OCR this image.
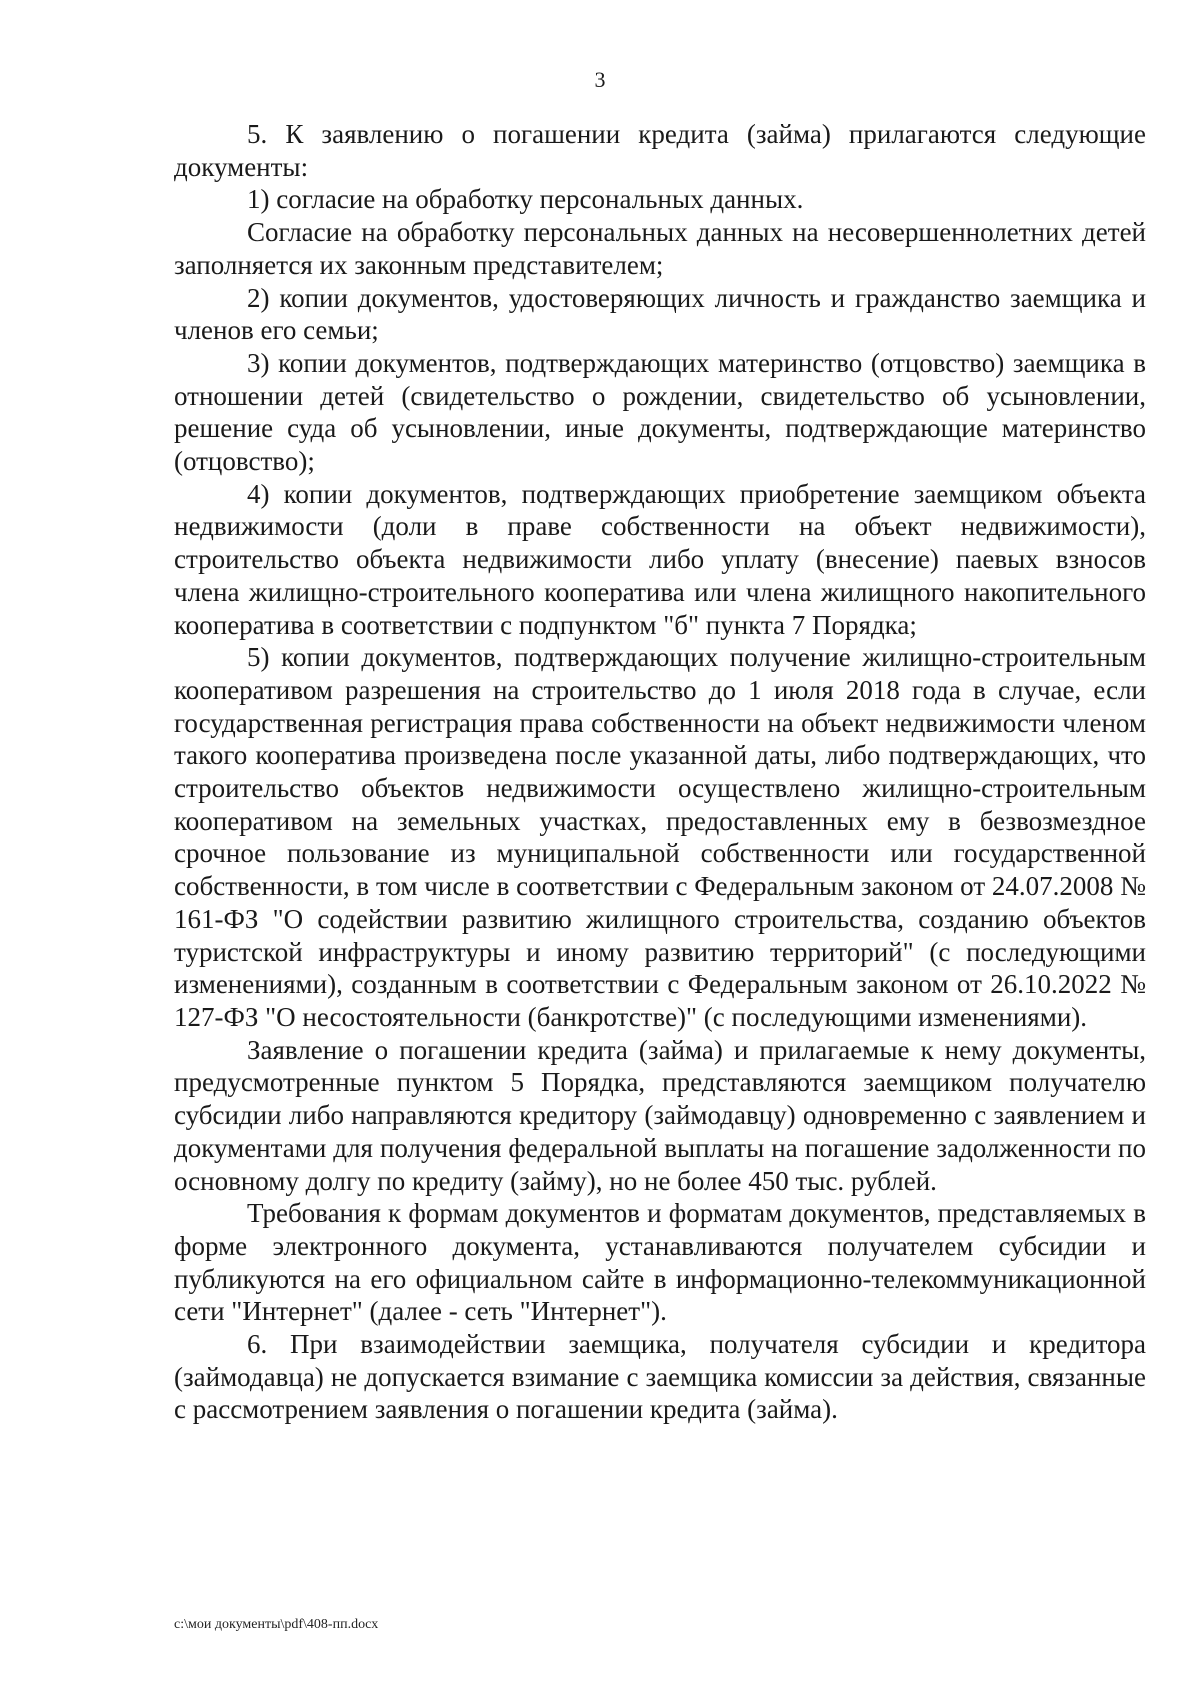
3

5. К заявлению о погашении кредита (займа) прилагаются следующие документы:

1) согласие на обработку персональных данных.

Согласие на обработку персональных данных на несовершеннолетних детей заполняется их законным представителем;

2) копии документов, удостоверяющих личность и гражданство заемщика и членов его семьи;

3) копии документов, подтверждающих материнство (отцовство) заемщика в отношении детей (свидетельство о рождении, свидетельство об усыновлении, решение суда об усыновлении, иные документы, подтверждающие материнство (отцовство);

4) копии документов, подтверждающих приобретение заемщиком объекта недвижимости (доли в праве собственности на объект недвижимости), строительство объекта недвижимости либо уплату (внесение) паевых взносов члена жилищно-строительного кооператива или члена жилищного накопительного кооператива в соответствии с подпунктом "б" пункта 7 Порядка;

5) копии документов, подтверждающих получение жилищно-строительным кооперативом разрешения на строительство до 1 июля 2018 года в случае, если государственная регистрация права собственности на объект недвижимости членом такого кооператива произведена после указанной даты, либо подтверждающих, что строительство объектов недвижимости осуществлено жилищно-строительным кооперативом на земельных участках, предоставленных ему в безвозмездное срочное пользование из муниципальной собственности или государственной собственности, в том числе в соответствии с Федеральным законом от 24.07.2008 № 161-ФЗ "О содействии развитию жилищного строительства, созданию объектов туристской инфраструктуры и иному развитию территорий" (с последующими изменениями), созданным в соответствии с Федеральным законом от 26.10.2022 № 127-ФЗ "О несостоятельности (банкротстве)" (с последующими изменениями).

Заявление о погашении кредита (займа) и прилагаемые к нему документы, предусмотренные пунктом 5 Порядка, представляются заемщиком получателю субсидии либо направляются кредитору (займодавцу) одновременно с заявлением и документами для получения федеральной выплаты на погашение задолженности по основному долгу по кредиту (займу), но не более 450 тыс. рублей.

Требования к формам документов и форматам документов, представляемых в форме электронного документа, устанавливаются получателем субсидии и публикуются на его официальном сайте в информационно-телекоммуникационной сети "Интернет" (далее - сеть "Интернет").

6. При взаимодействии заемщика, получателя субсидии и кредитора (займодавца) не допускается взимание с заемщика комиссии за действия, связанные с рассмотрением заявления о погашении кредита (займа).

c:\мои документы\pdf\408-пп.docx
